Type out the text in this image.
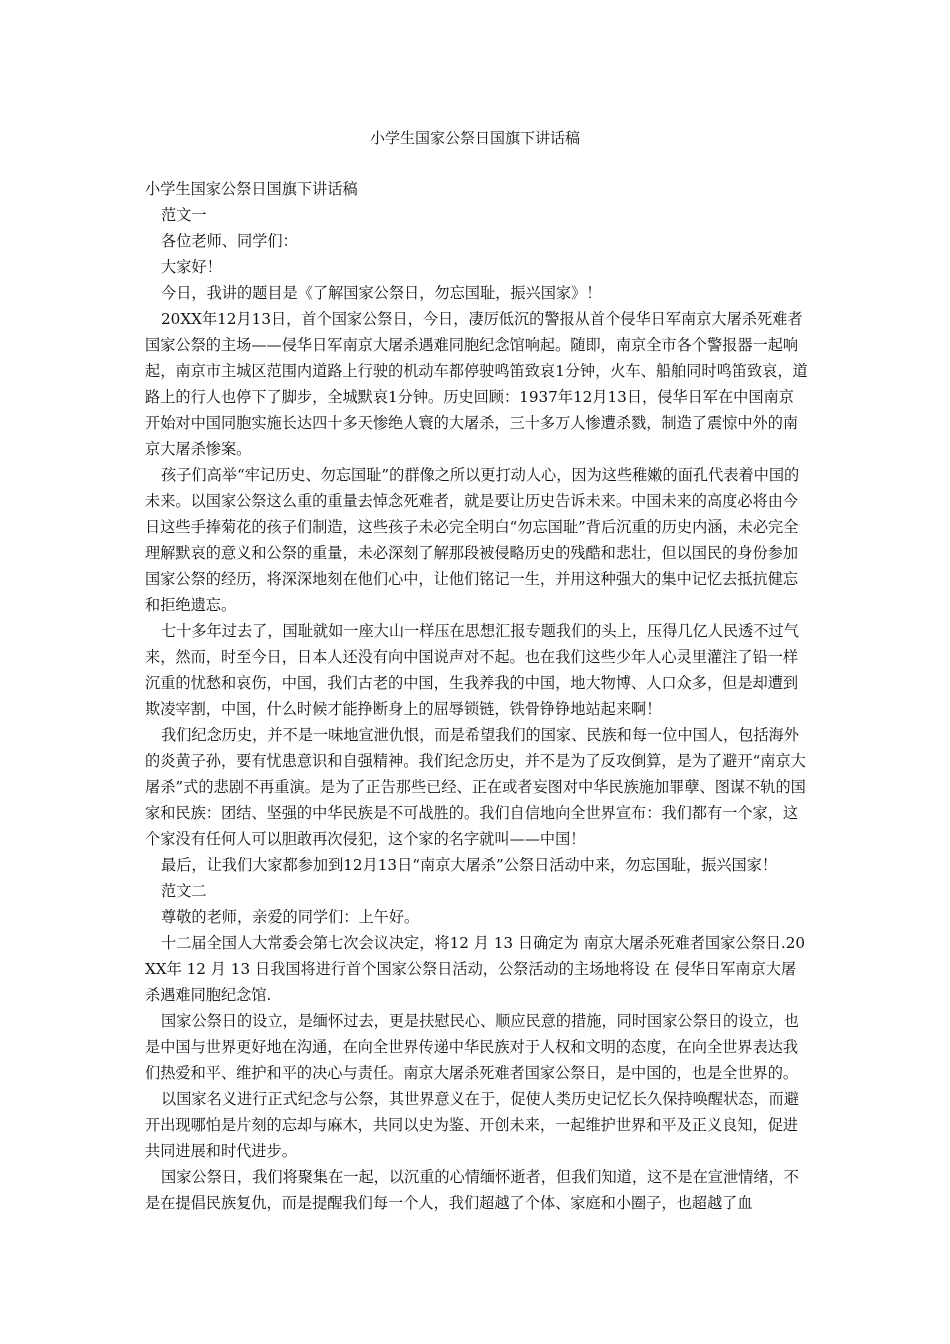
小学生国家公祭日国旗下讲话稿

小学生国家公祭日国旗下讲话稿

范文一

各位老师、同学们：

大家好！

今日，我讲的题目是《了解国家公祭日，勿忘国耻，振兴国家》！

20XX年12月13日，首个国家公祭日，今日，凄厉低沉的警报从首个侵华日军南京大屠杀死难者国家公祭的主场——侵华日军南京大屠杀遇难同胞纪念馆响起。随即，南京全市各个警报器一起响起，南京市主城区范围内道路上行驶的机动车都停驶鸣笛致哀1分钟，火车、船舶同时鸣笛致哀，道路上的行人也停下了脚步，全城默哀1分钟。历史回顾：1937年12月13日，侵华日军在中国南京开始对中国同胞实施长达四十多天惨绝人寰的大屠杀，三十多万人惨遭杀戮，制造了震惊中外的南京大屠杀惨案。

孩子们高举“牢记历史、勿忘国耻”的群像之所以更打动人心，因为这些稚嫩的面孔代表着中国的未来。以国家公祭这么重的重量去悼念死难者，就是要让历史告诉未来。中国未来的高度必将由今日这些手捧菊花的孩子们制造，这些孩子未必完全明白“勿忘国耻”背后沉重的历史内涵，未必完全理解默哀的意义和公祭的重量，未必深刻了解那段被侵略历史的残酷和悲壮，但以国民的身份参加国家公祭的经历，将深深地刻在他们心中，让他们铭记一生，并用这种强大的集中记忆去抵抗健忘和拒绝遗忘。

七十多年过去了，国耻就如一座大山一样压在思想汇报专题我们的头上，压得几亿人民透不过气来，然而，时至今日，日本人还没有向中国说声对不起。也在我们这些少年人心灵里灌注了铅一样沉重的忧愁和哀伤，中国，我们古老的中国，生我养我的中国，地大物博、人口众多，但是却遭到欺凌宰割，中国，什么时候才能挣断身上的屈辱锁链，铁骨铮铮地站起来啊！

我们纪念历史，并不是一味地宣泄仇恨，而是希望我们的国家、民族和每一位中国人，包括海外的炎黄子孙，要有忧患意识和自强精神。我们纪念历史，并不是为了反攻倒算，是为了避开“南京大屠杀”式的悲剧不再重演。是为了正告那些已经、正在或者妄图对中华民族施加罪孽、图谋不轨的国家和民族：团结、坚强的中华民族是不可战胜的。我们自信地向全世界宣布：我们都有一个家，这个家没有任何人可以胆敢再次侵犯，这个家的名字就叫——中国！

最后，让我们大家都参加到12月13日“南京大屠杀”公祭日活动中来，勿忘国耻，振兴国家！

范文二

尊敬的老师，亲爱的同学们：上午好。

十二届全国人大常委会第七次会议决定，将12 月 13 日确定为 南京大屠杀死难者国家公祭日.20XX年 12 月 13 日我国将进行首个国家公祭日活动，公祭活动的主场地将设 在 侵华日军南京大屠杀遇难同胞纪念馆.

国家公祭日的设立，是缅怀过去，更是扶慰民心、顺应民意的措施，同时国家公祭日的设立，也是中国与世界更好地在沟通，在向全世界传递中华民族对于人权和文明的态度，在向全世界表达我们热爱和平、维护和平的决心与责任。南京大屠杀死难者国家公祭日，是中国的，也是全世界的。

以国家名义进行正式纪念与公祭，其世界意义在于，促使人类历史记忆长久保持唤醒状态，而避开出现哪怕是片刻的忘却与麻木，共同以史为鉴、开创未来，一起维护世界和平及正义良知，促进共同进展和时代进步。

国家公祭日，我们将聚集在一起，以沉重的心情缅怀逝者，但我们知道，这不是在宣泄情绪，不是在提倡民族复仇，而是提醒我们每一个人，我们超越了个体、家庭和小圈子，也超越了血
